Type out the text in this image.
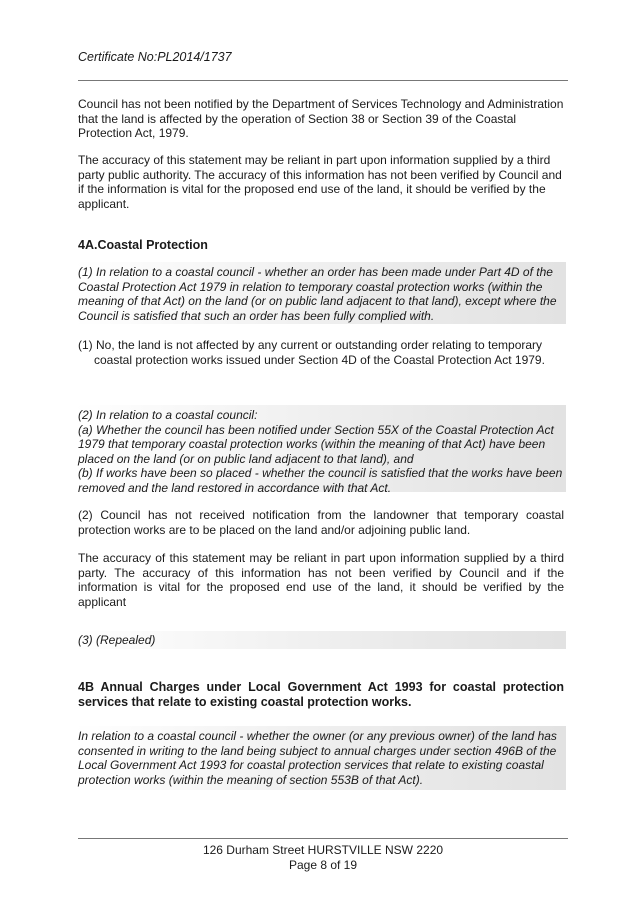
Certificate No:PL2014/1737

Council has not been notified by the Department of Services Technology and Administration that the land is affected by the operation of Section 38 or Section 39 of the Coastal Protection Act, 1979.

The accuracy of this statement may be reliant in part upon information supplied by a third party public authority. The accuracy of this information has not been verified by Council and if the information is vital for the proposed end use of the land, it should be verified by the applicant.

4A.Coastal Protection

(1) In relation to a coastal council - whether an order has been made under Part 4D of the Coastal Protection Act 1979 in relation to temporary coastal protection works (within the meaning of that Act) on the land (or on public land adjacent to that land), except where the Council is satisfied that such an order has been fully complied with.

(1) No, the land is not affected by any current or outstanding order relating to temporary coastal protection works issued under Section 4D of the Coastal Protection Act 1979.

(2) In relation to a coastal council:
(a) Whether the council has been notified under Section 55X of the Coastal Protection Act 1979 that temporary coastal protection works (within the meaning of that Act) have been placed on the land (or on public land adjacent to that land), and
(b) If works have been so placed - whether the council is satisfied that the works have been removed and the land restored in accordance with that Act.

(2) Council has not received notification from the landowner that temporary coastal protection works are to be placed on the land and/or adjoining public land.

The accuracy of this statement may be reliant in part upon information supplied by a third party. The accuracy of this information has not been verified by Council and if the information is vital for the proposed end use of the land, it should be verified by the applicant

(3) (Repealed)
4B Annual Charges under Local Government Act 1993 for coastal protection services that relate to existing coastal protection works.

In relation to a coastal council - whether the owner (or any previous owner) of the land has consented in writing to the land being subject to annual charges under section 496B of the Local Government Act 1993 for coastal protection services that relate to existing coastal protection works (within the meaning of section 553B of that Act).

126 Durham Street HURSTVILLE NSW 2220
Page 8 of 19
